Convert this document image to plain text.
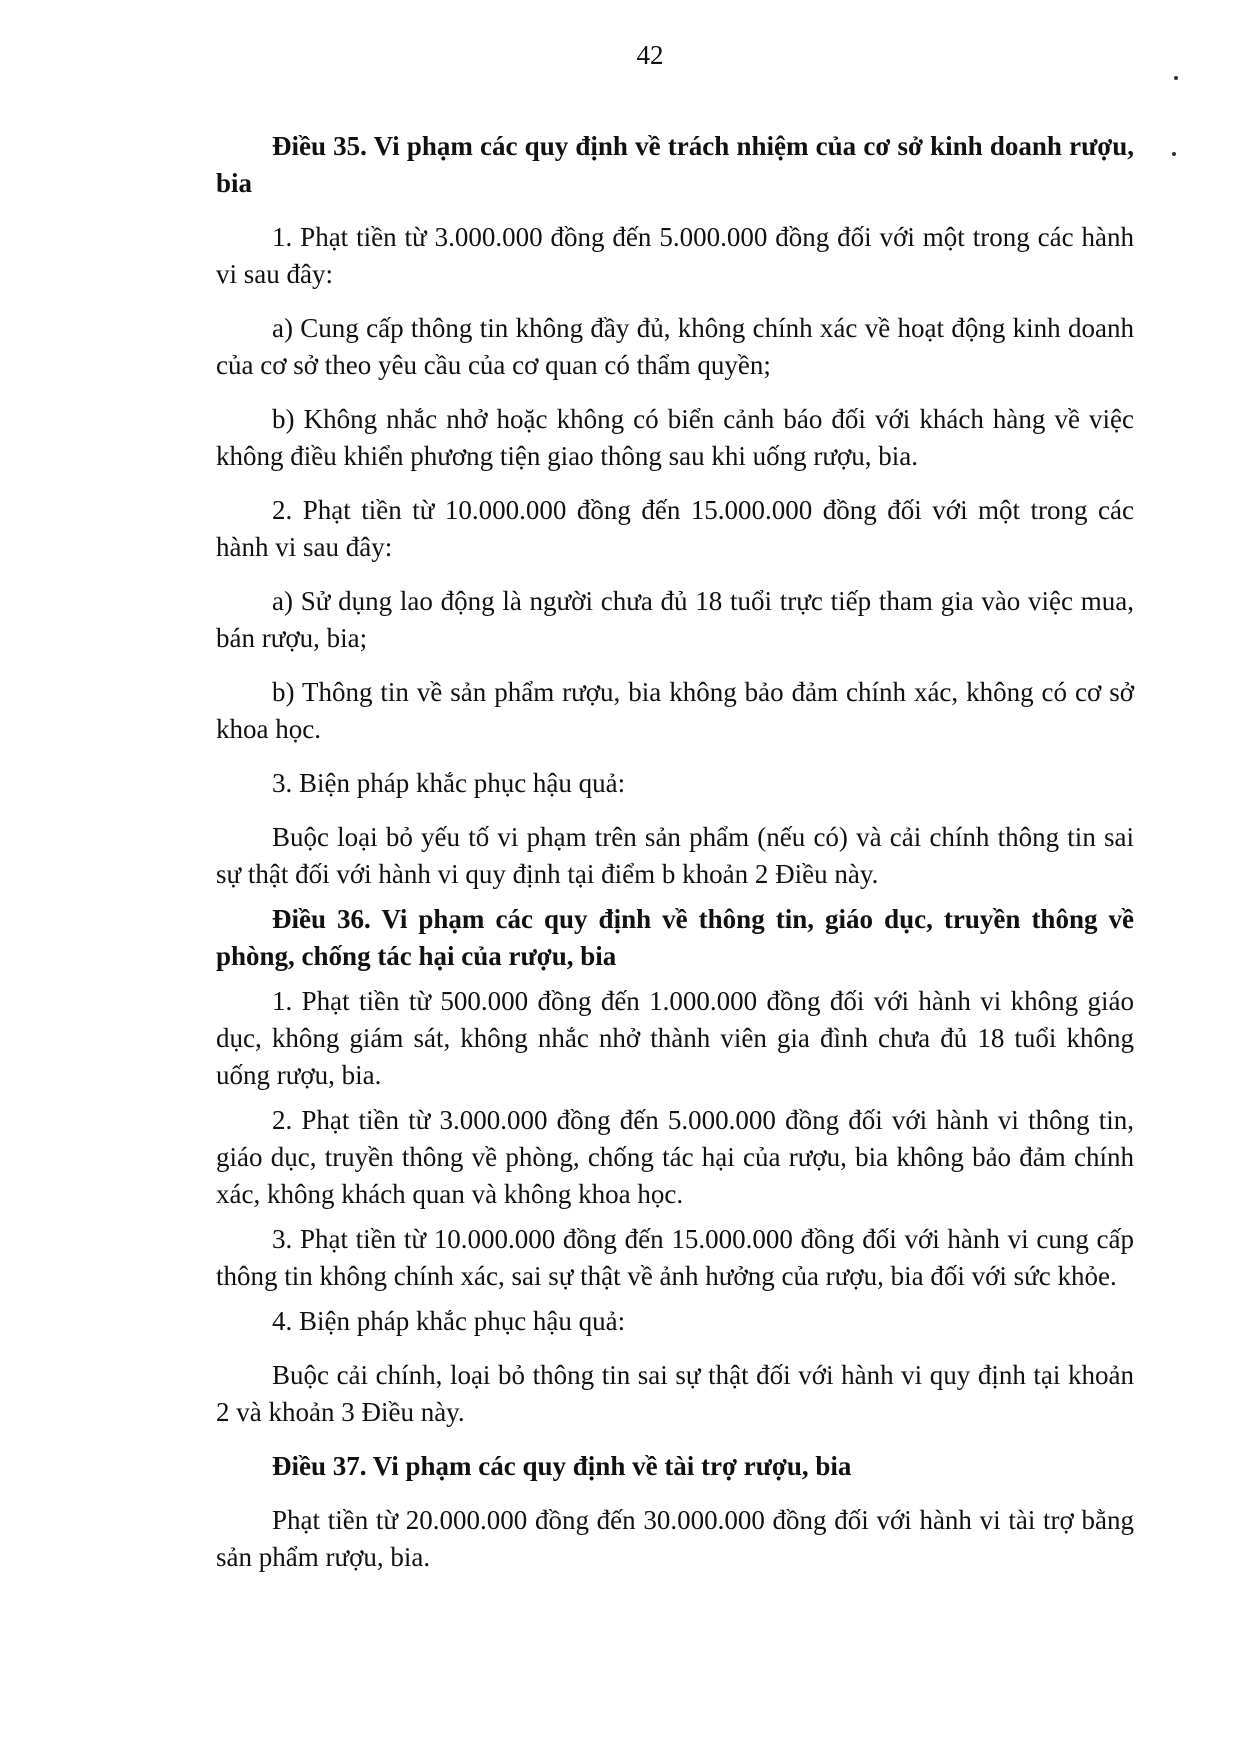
42

Điều 35. Vi phạm các quy định về trách nhiệm của cơ sở kinh doanh rượu, bia

1. Phạt tiền từ 3.000.000 đồng đến 5.000.000 đồng đối với một trong các hành vi sau đây:

a) Cung cấp thông tin không đầy đủ, không chính xác về hoạt động kinh doanh của cơ sở theo yêu cầu của cơ quan có thẩm quyền;

b) Không nhắc nhở hoặc không có biển cảnh báo đối với khách hàng về việc không điều khiển phương tiện giao thông sau khi uống rượu, bia.

2. Phạt tiền từ 10.000.000 đồng đến 15.000.000 đồng đối với một trong các hành vi sau đây:

a) Sử dụng lao động là người chưa đủ 18 tuổi trực tiếp tham gia vào việc mua, bán rượu, bia;

b) Thông tin về sản phẩm rượu, bia không bảo đảm chính xác, không có cơ sở khoa học.

3. Biện pháp khắc phục hậu quả:

Buộc loại bỏ yếu tố vi phạm trên sản phẩm (nếu có) và cải chính thông tin sai sự thật đối với hành vi quy định tại điểm b khoản 2 Điều này.

Điều 36. Vi phạm các quy định về thông tin, giáo dục, truyền thông về phòng, chống tác hại của rượu, bia

1. Phạt tiền từ 500.000 đồng đến 1.000.000 đồng đối với hành vi không giáo dục, không giám sát, không nhắc nhở thành viên gia đình chưa đủ 18 tuổi không uống rượu, bia.

2. Phạt tiền từ 3.000.000 đồng đến 5.000.000 đồng đối với hành vi thông tin, giáo dục, truyền thông về phòng, chống tác hại của rượu, bia không bảo đảm chính xác, không khách quan và không khoa học.

3. Phạt tiền từ 10.000.000 đồng đến 15.000.000 đồng đối với hành vi cung cấp thông tin không chính xác, sai sự thật về ảnh hưởng của rượu, bia đối với sức khỏe.

4. Biện pháp khắc phục hậu quả:

Buộc cải chính, loại bỏ thông tin sai sự thật đối với hành vi quy định tại khoản 2 và khoản 3 Điều này.

Điều 37. Vi phạm các quy định về tài trợ rượu, bia

Phạt tiền từ 20.000.000 đồng đến 30.000.000 đồng đối với hành vi tài trợ bằng sản phẩm rượu, bia.
